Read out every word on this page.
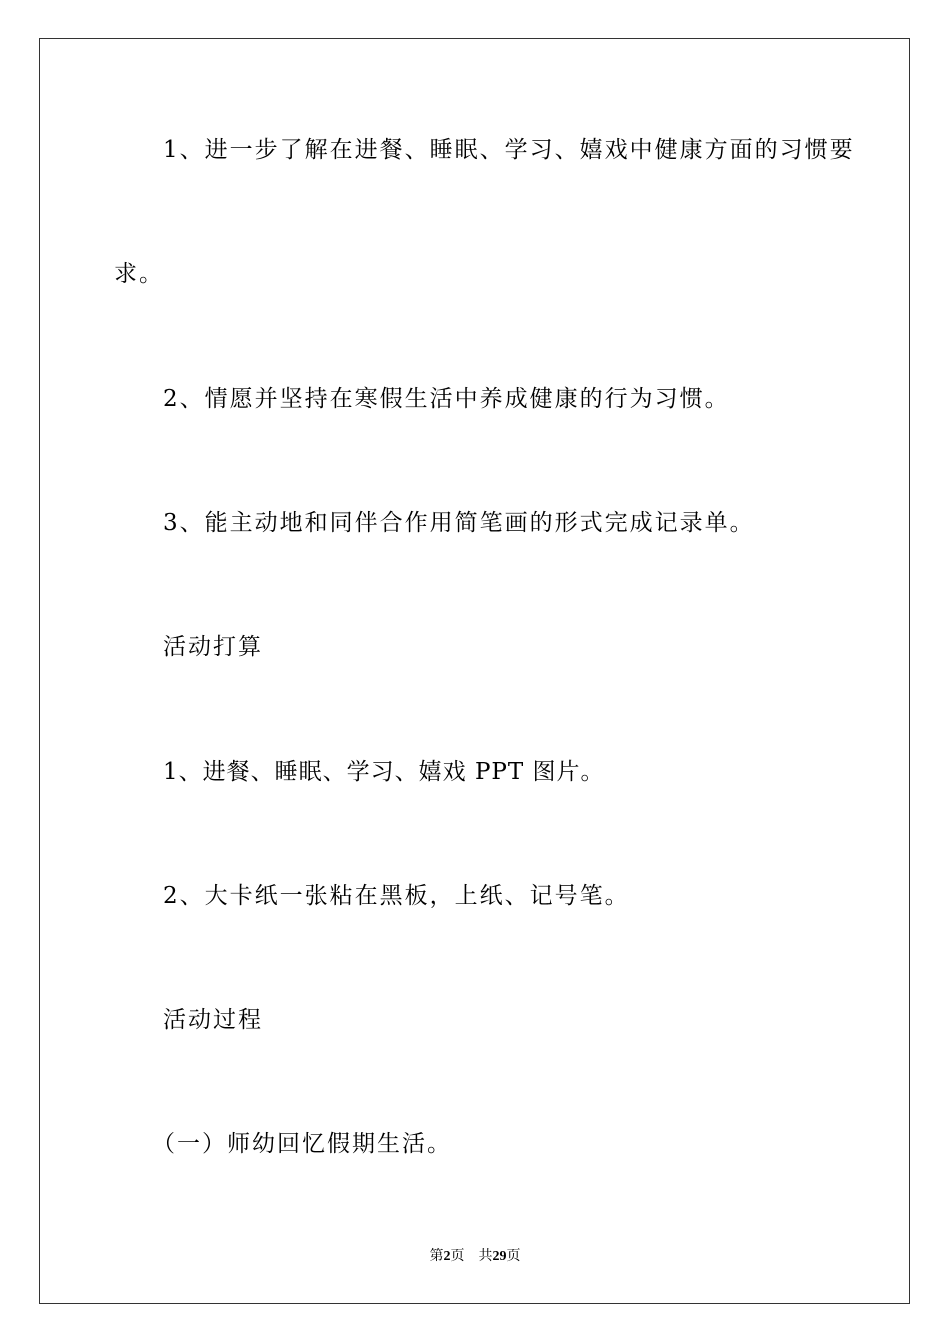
1、进一步了解在进餐、睡眠、学习、嬉戏中健康方面的习惯要
求。
2、情愿并坚持在寒假生活中养成健康的行为习惯。
3、能主动地和同伴合作用简笔画的形式完成记录单。
活动打算
1、进餐、睡眠、学习、嬉戏 PPT 图片。
2、大卡纸一张粘在黑板，上纸、记号笔。
活动过程
（一）师幼回忆假期生活。
第2页 共29页
